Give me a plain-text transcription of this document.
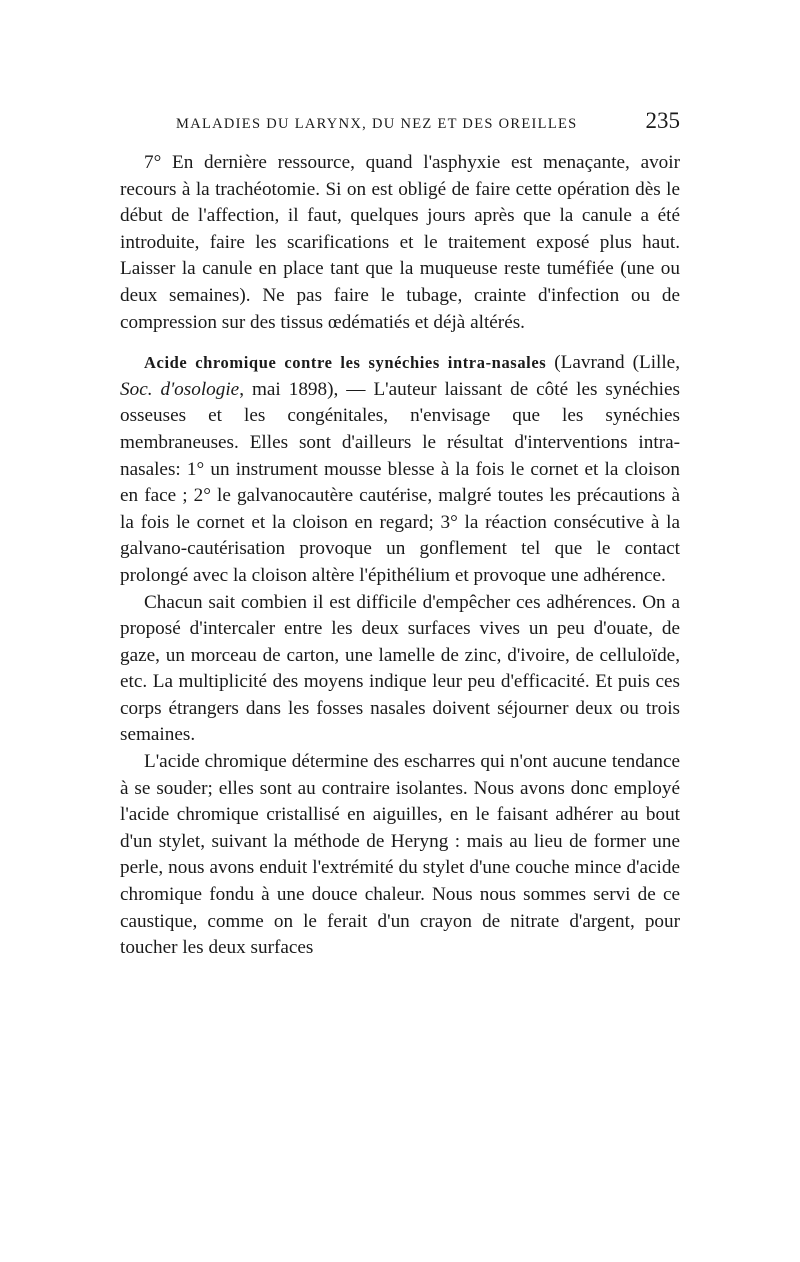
MALADIES DU LARYNX, DU NEZ ET DES OREILLES	235

7° En dernière ressource, quand l'asphyxie est menaçante, avoir recours à la trachéotomie. Si on est obligé de faire cette opération dès le début de l'affection, il faut, quelques jours après que la canule a été introduite, faire les scarifications et le traitement exposé plus haut. Laisser la canule en place tant que la muqueuse reste tuméfiée (une ou deux semaines). Ne pas faire le tubage, crainte d'infection ou de compression sur des tissus œdématiés et déjà altérés.

Acide chromique contre les synéchies intra-nasales (Lavrand (Lille, Soc. d'osologie, mai 1898), — L'auteur laissant de côté les synéchies osseuses et les congénitales, n'envisage que les synéchies membraneuses. Elles sont d'ailleurs le résultat d'interventions intra-nasales: 1° un instrument mousse blesse à la fois le cornet et la cloison en face ; 2° le galvanocautère cautérise, malgré toutes les précautions à la fois le cornet et la cloison en regard; 3° la réaction consécutive à la galvano-cautérisation provoque un gonflement tel que le contact prolongé avec la cloison altère l'épithélium et provoque une adhérence.

Chacun sait combien il est difficile d'empêcher ces adhérences. On a proposé d'intercaler entre les deux surfaces vives un peu d'ouate, de gaze, un morceau de carton, une lamelle de zinc, d'ivoire, de celluloïde, etc. La multiplicité des moyens indique leur peu d'efficacité. Et puis ces corps étrangers dans les fosses nasales doivent séjourner deux ou trois semaines.

L'acide chromique détermine des escharres qui n'ont aucune tendance à se souder; elles sont au contraire isolantes. Nous avons donc employé l'acide chromique cristallisé en aiguilles, en le faisant adhérer au bout d'un stylet, suivant la méthode de Heryng : mais au lieu de former une perle, nous avons enduit l'extrémité du stylet d'une couche mince d'acide chromique fondu à une douce chaleur. Nous nous sommes servi de ce caustique, comme on le ferait d'un crayon de nitrate d'argent, pour toucher les deux surfaces
